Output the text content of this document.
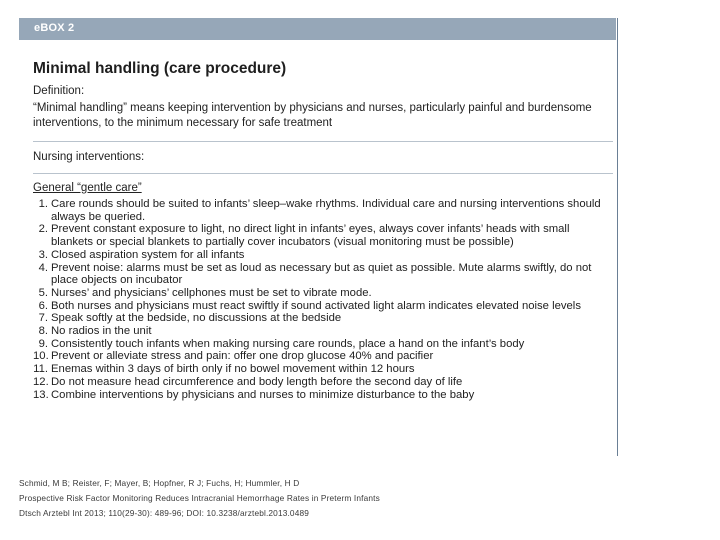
eBOX 2
Minimal handling (care procedure)
Definition:
“Minimal handling” means keeping intervention by physicians and nurses, particularly painful and burdensome interventions, to the minimum necessary for safe treatment
Nursing interventions:
General “gentle care”
1. Care rounds should be suited to infants’ sleep–wake rhythms. Individual care and nursing interventions should always be queried.
2. Prevent constant exposure to light, no direct light in infants’ eyes, always cover infants’ heads with small blankets or special blankets to partially cover incubators (visual monitoring must be possible)
3. Closed aspiration system for all infants
4. Prevent noise: alarms must be set as loud as necessary but as quiet as possible. Mute alarms swiftly, do not place objects on incubator
5. Nurses’ and physicians’ cellphones must be set to vibrate mode.
6. Both nurses and physicians must react swiftly if sound activated light alarm indicates elevated noise levels
7. Speak softly at the bedside, no discussions at the bedside
8. No radios in the unit
9. Consistently touch infants when making nursing care rounds, place a hand on the infant’s body
10. Prevent or alleviate stress and pain: offer one drop glucose 40% and pacifier
11. Enemas within 3 days of birth only if no bowel movement within 12 hours
12. Do not measure head circumference and body length before the second day of life
13. Combine interventions by physicians and nurses to minimize disturbance to the baby
Schmid, M B; Reister, F; Mayer, B; Hopfner, R J; Fuchs, H; Hummler, H D
Prospective Risk Factor Monitoring Reduces Intracranial Hemorrhage Rates in Preterm Infants
Dtsch Arztebl Int 2013; 110(29-30): 489-96; DOI: 10.3238/arztebl.2013.0489
